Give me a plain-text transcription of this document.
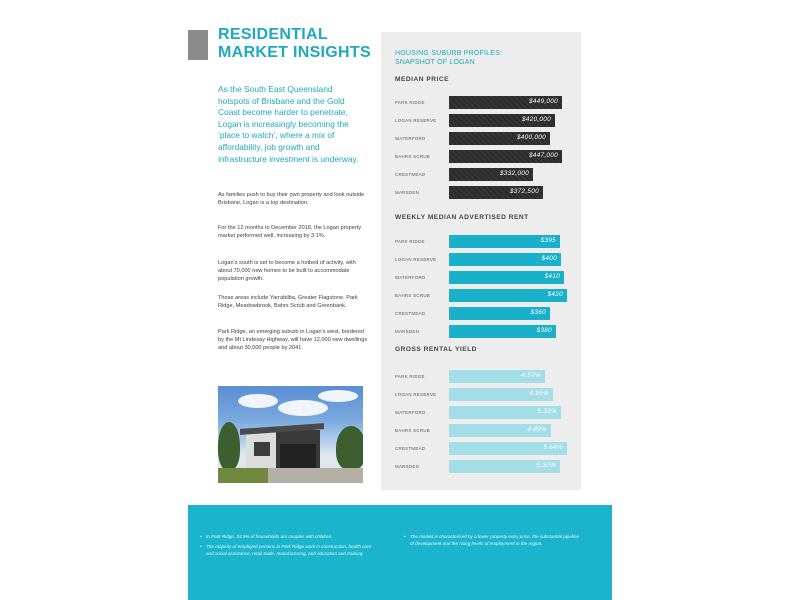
RESIDENTIAL
MARKET INSIGHTS

As the South East Queensland hotspots of Brisbane and the Gold Coast become harder to penetrate, Logan is increasingly becoming the ‘place to watch’, where a mix of affordability, job growth and infrastructure investment is underway.

As families push to buy their own property and look outside Brisbane, Logan is a top destination.

For the 12 months to December 2018, the Logan property market performed well, increasing by 3.1%.

Logan’s south is set to become a hotbed of activity, with about 70,000 new homes to be built to accommodate population growth.

Those areas include Yarrabilba, Greater Flagstone, Park Ridge, Meadowbrook, Bahrs Scrub and Greenbank.

Park Ridge, an emerging suburb in Logan’s west, bordered by the Mt Lindesay Highway, will have 12,000 new dwellings and about 30,000 people by 2041.

HOUSING SUBURB PROFILES:
SNAPSHOT OF LOGAN
MEDIAN PRICE
PARK RIDGE	$449,000
LOGAN RESERVE	$420,000
WATERFORD	$400,000
BAHRS SCRUB	$447,000
CRESTMEAD	$332,000
MARSDEN	$372,500
WEEKLY MEDIAN ADVERTISED RENT
PARK RIDGE	$395
LOGAN RESERVE	$400
WATERFORD	$410
BAHRS SCRUB	$420
CRESTMEAD	$360
MARSDEN	$380
GROSS RENTAL YIELD
PARK RIDGE	4.57%
LOGAN RESERVE	4.95%
WATERFORD	5.33%
BAHRS SCRUB	4.89%
CRESTMEAD	5.64%
MARSDEN	5.30%

• In Park Ridge, 34.9% of households are couples with children.

• The majority of employed persons in Park Ridge work in construction, health care and social assistance, retail trade, manufacturing, and education and training.

• The market is characterised by a lower property entry price, the substantial pipeline of development and the rising levels of employment in the region.
